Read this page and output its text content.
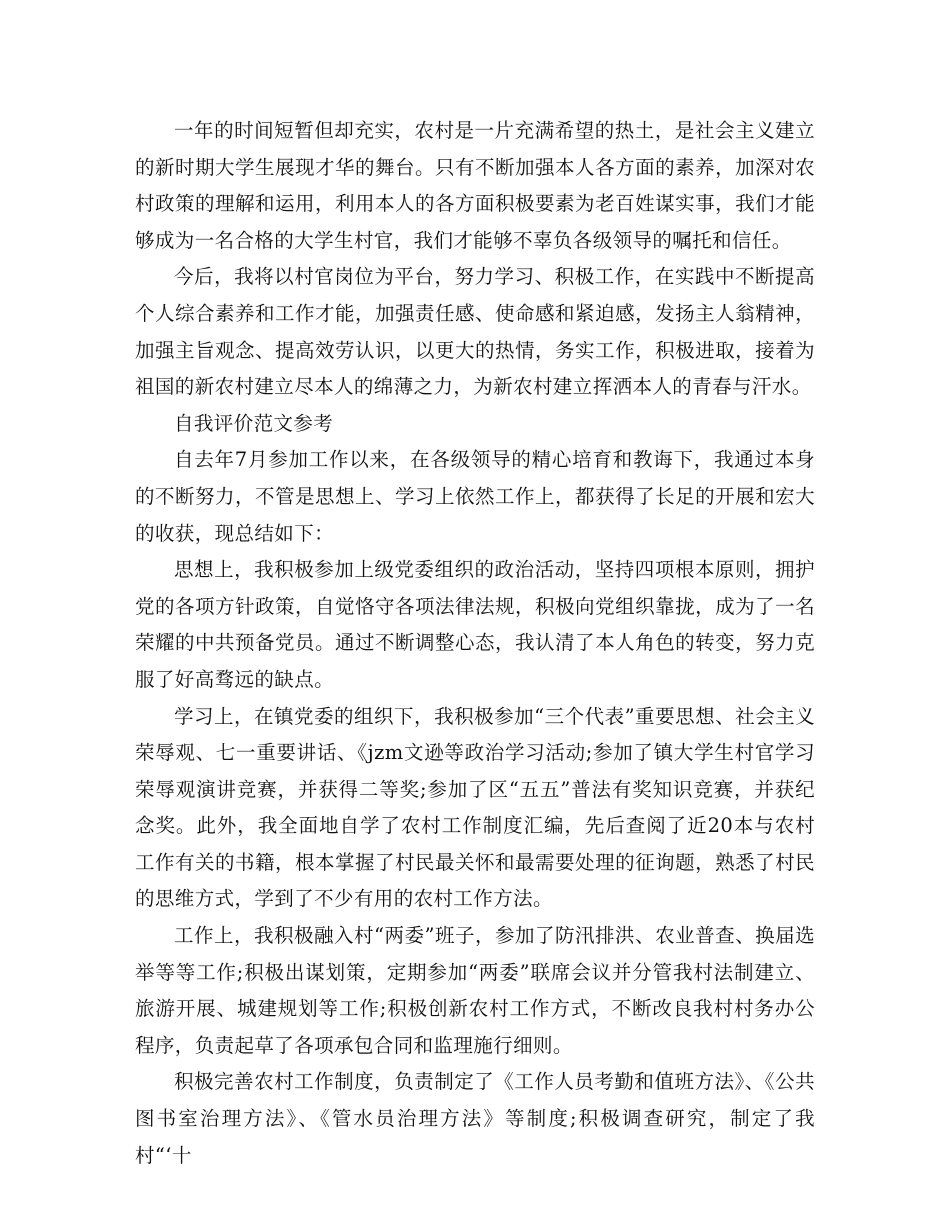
一年的时间短暂但却充实，农村是一片充满希望的热土，是社会主义建立的新时期大学生展现才华的舞台。只有不断加强本人各方面的素养，加深对农村政策的理解和运用，利用本人的各方面积极要素为老百姓谋实事，我们才能够成为一名合格的大学生村官，我们才能够不辜负各级领导的嘱托和信任。

今后，我将以村官岗位为平台，努力学习、积极工作，在实践中不断提高个人综合素养和工作才能，加强责任感、使命感和紧迫感，发扬主人翁精神，加强主旨观念、提高效劳认识，以更大的热情，务实工作，积极进取，接着为祖国的新农村建立尽本人的绵薄之力，为新农村建立挥洒本人的青春与汗水。

自我评价范文参考

自去年7月参加工作以来，在各级领导的精心培育和教诲下，我通过本身的不断努力，不管是思想上、学习上依然工作上，都获得了长足的开展和宏大的收获，现总结如下：

思想上，我积极参加上级党委组织的政治活动，坚持四项根本原则，拥护党的各项方针政策，自觉恪守各项法律法规，积极向党组织靠拢，成为了一名荣耀的中共预备党员。通过不断调整心态，我认清了本人角色的转变，努力克服了好高骛远的缺点。

学习上，在镇党委的组织下，我积极参加“三个代表”重要思想、社会主义荣辱观、七一重要讲话、《jzm文逊等政治学习活动;参加了镇大学生村官学习荣辱观演讲竞赛，并获得二等奖;参加了区“五五”普法有奖知识竞赛，并获纪念奖。此外，我全面地自学了农村工作制度汇编，先后查阅了近20本与农村工作有关的书籍，根本掌握了村民最关怀和最需要处理的征询题，熟悉了村民的思维方式，学到了不少有用的农村工作方法。

工作上，我积极融入村“两委”班子，参加了防汛排洪、农业普查、换届选举等等工作;积极出谋划策，定期参加“两委”联席会议并分管我村法制建立、旅游开展、城建规划等工作;积极创新农村工作方式，不断改良我村村务办公程序，负责起草了各项承包合同和监理施行细则。

积极完善农村工作制度，负责制定了《工作人员考勤和值班方法》、《公共图书室治理方法》、《管水员治理方法》等制度;积极调查研究，制定了我村“‘十
